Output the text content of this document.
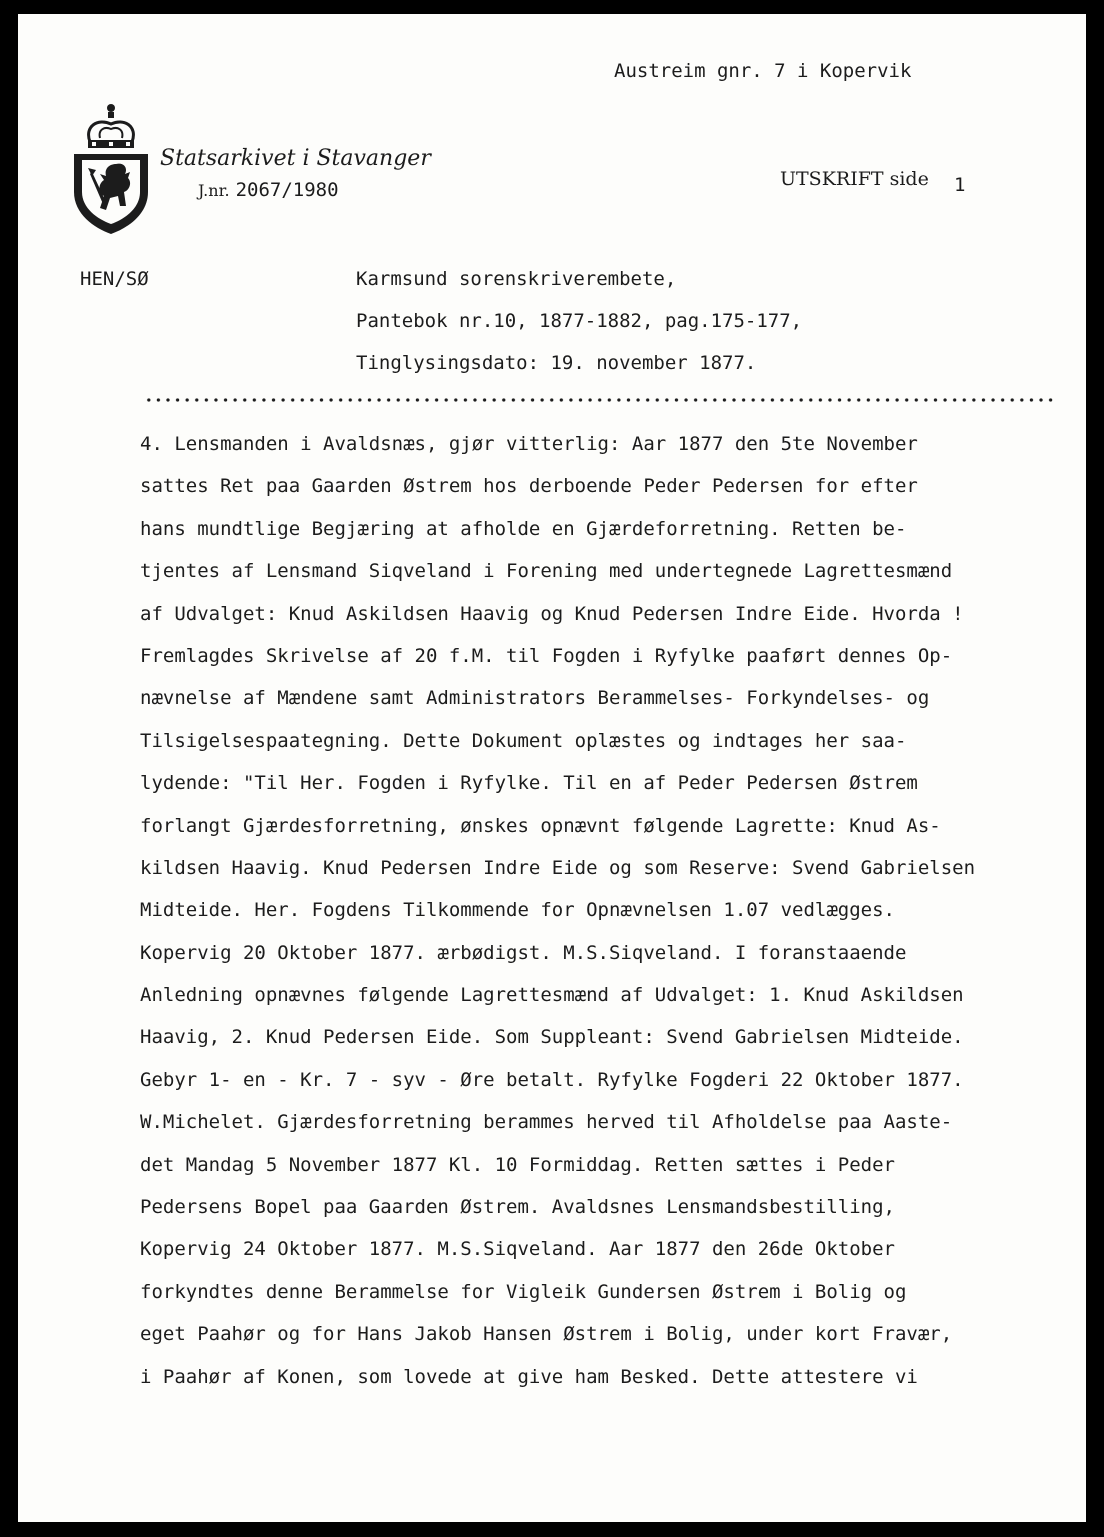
Austreim gnr. 7 i Kopervik
Statsarkivet i Stavanger
J.nr. 2067/1980	UTSKRIFT side 1
HEN/SØ	Karmsund sorenskriverembete,
Pantebok nr.10, 1877-1882, pag.175-177,
Tinglysingsdato: 19. november 1877.
4. Lensmanden i Avaldsnæs, gjør vitterlig: Aar 1877 den 5te November
sattes Ret paa Gaarden Østrem hos derboende Peder Pedersen for efter
hans mundtlige Begjæring at afholde en Gjærdeforretning. Retten be-
tjentes af Lensmand Siqveland i Forening med undertegnede Lagrettesmænd
af Udvalget: Knud Askildsen Haavig og Knud Pedersen Indre Eide. Hvorda !
Fremlagdes Skrivelse af 20 f.M. til Fogden i Ryfylke paaført dennes Op-
nævnelse af Mændene samt Administrators Berammelses- Forkyndelses- og
Tilsigelsespaategning. Dette Dokument oplæstes og indtages her saa-
lydende: "Til Her. Fogden i Ryfylke. Til en af Peder Pedersen Østrem
forlangt Gjærdesforretning, ønskes opnævnt følgende Lagrette: Knud As-
kildsen Haavig. Knud Pedersen Indre Eide og som Reserve: Svend Gabrielsen
Midteide. Her. Fogdens Tilkommende for Opnævnelsen 1.07 vedlægges.
Kopervig 20 Oktober 1877. ærbødigst. M.S.Siqveland. I foranstaaende
Anledning opnævnes følgende Lagrettesmænd af Udvalget: 1. Knud Askildsen
Haavig, 2. Knud Pedersen Eide. Som Suppleant: Svend Gabrielsen Midteide.
Gebyr 1- en - Kr. 7 - syv - Øre betalt. Ryfylke Fogderi 22 Oktober 1877.
W.Michelet. Gjærdesforretning berammes herved til Afholdelse paa Aaste-
det Mandag 5 November 1877 Kl. 10 Formiddag. Retten sættes i Peder
Pedersens Bopel paa Gaarden Østrem. Avaldsnes Lensmandsbestilling,
Kopervig 24 Oktober 1877. M.S.Siqveland. Aar 1877 den 26de Oktober
forkyndtes denne Berammelse for Vigleik Gundersen Østrem i Bolig og
eget Paahør og for Hans Jakob Hansen Østrem i Bolig, under kort Fravær,
i Paahør af Konen, som lovede at give ham Besked. Dette attestere vi
